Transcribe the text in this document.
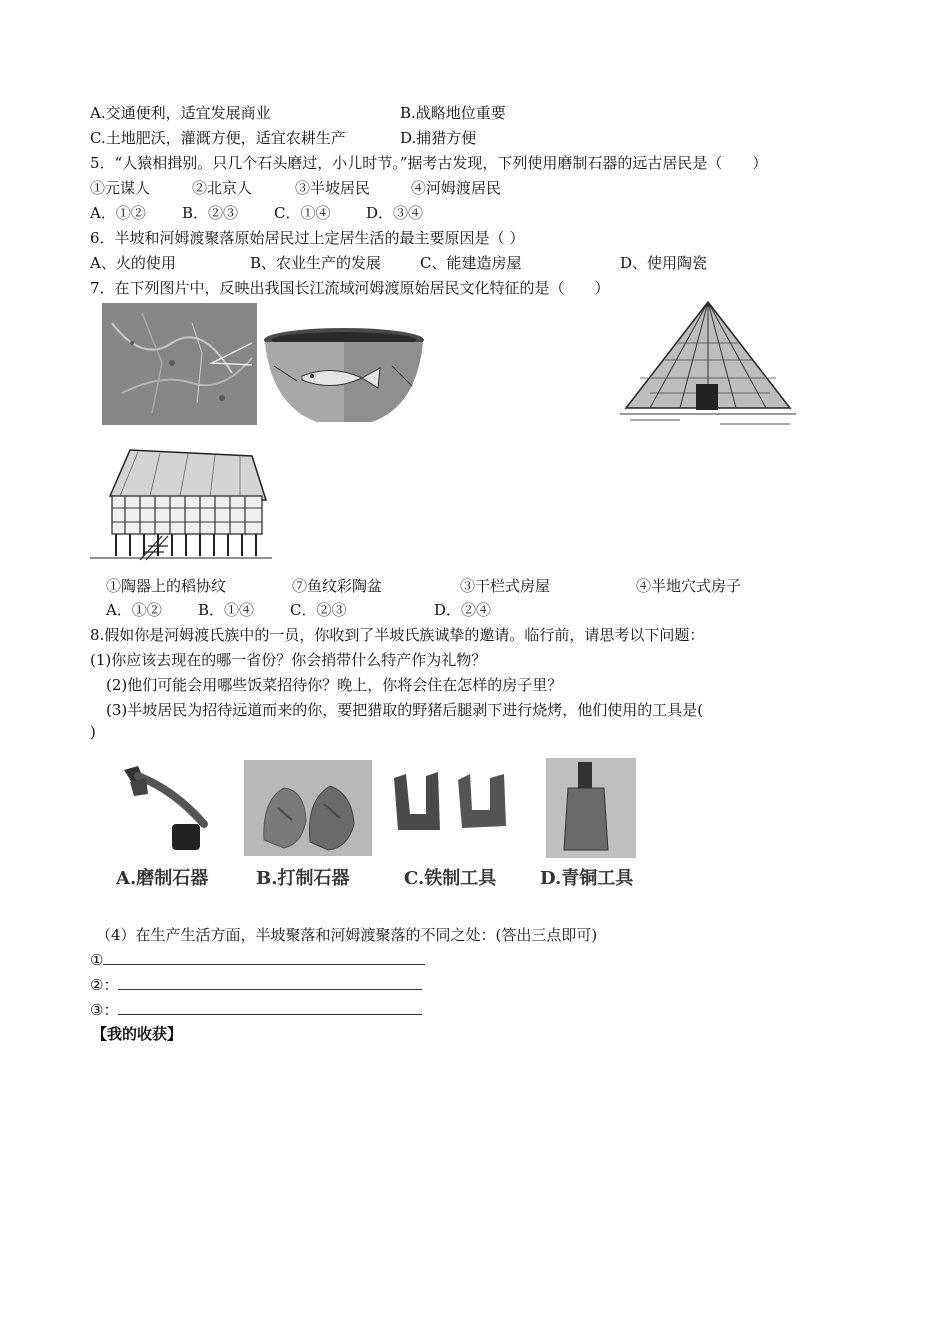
A.交通便利，适宜发展商业	B.战略地位重要
C.土地肥沃，灌溉方便，适宜农耕生产	D.捕猎方便
5．“人猿相揖别。只几个石头磨过，小儿时节。”据考古发现，下列使用磨制石器的远古居民是（　　）
①元谋人	②北京人	③半坡居民	④河姆渡居民
A．①② B．②③ C．①④ D．③④
6．半坡和河姆渡聚落原始居民过上定居生活的最主要原因是（ ）
A、火的使用	B、农业生产的发展	C、能建造房屋	D、使用陶瓷
7．在下列图片中，反映出我国长江流域河姆渡原始居民文化特征的是（　　）
①陶器上的稻协纹	⑦鱼纹彩陶盆	③干栏式房屋	④半地穴式房子
A．①② B．①④ C．②③	D．②④
8.假如你是河姆渡氏族中的一员，你收到了半坡氏族诚挚的邀请。临行前，请思考以下问题：
(1)你应该去现在的哪一省份？你会捎带什么特产作为礼物？
(2)他们可能会用哪些饭菜招待你？晚上，你将会住在怎样的房子里？
(3)半坡居民为招待远道而来的你，要把猎取的野猪后腿剥下进行烧烤，他们使用的工具是(
)
A.磨制石器	B.打制石器	C.铁制工具 D.青铜工具
（4）在生产生活方面，半坡聚落和河姆渡聚落的不同之处：(答出三点即可)
①
②：
③：
【我的收获】
